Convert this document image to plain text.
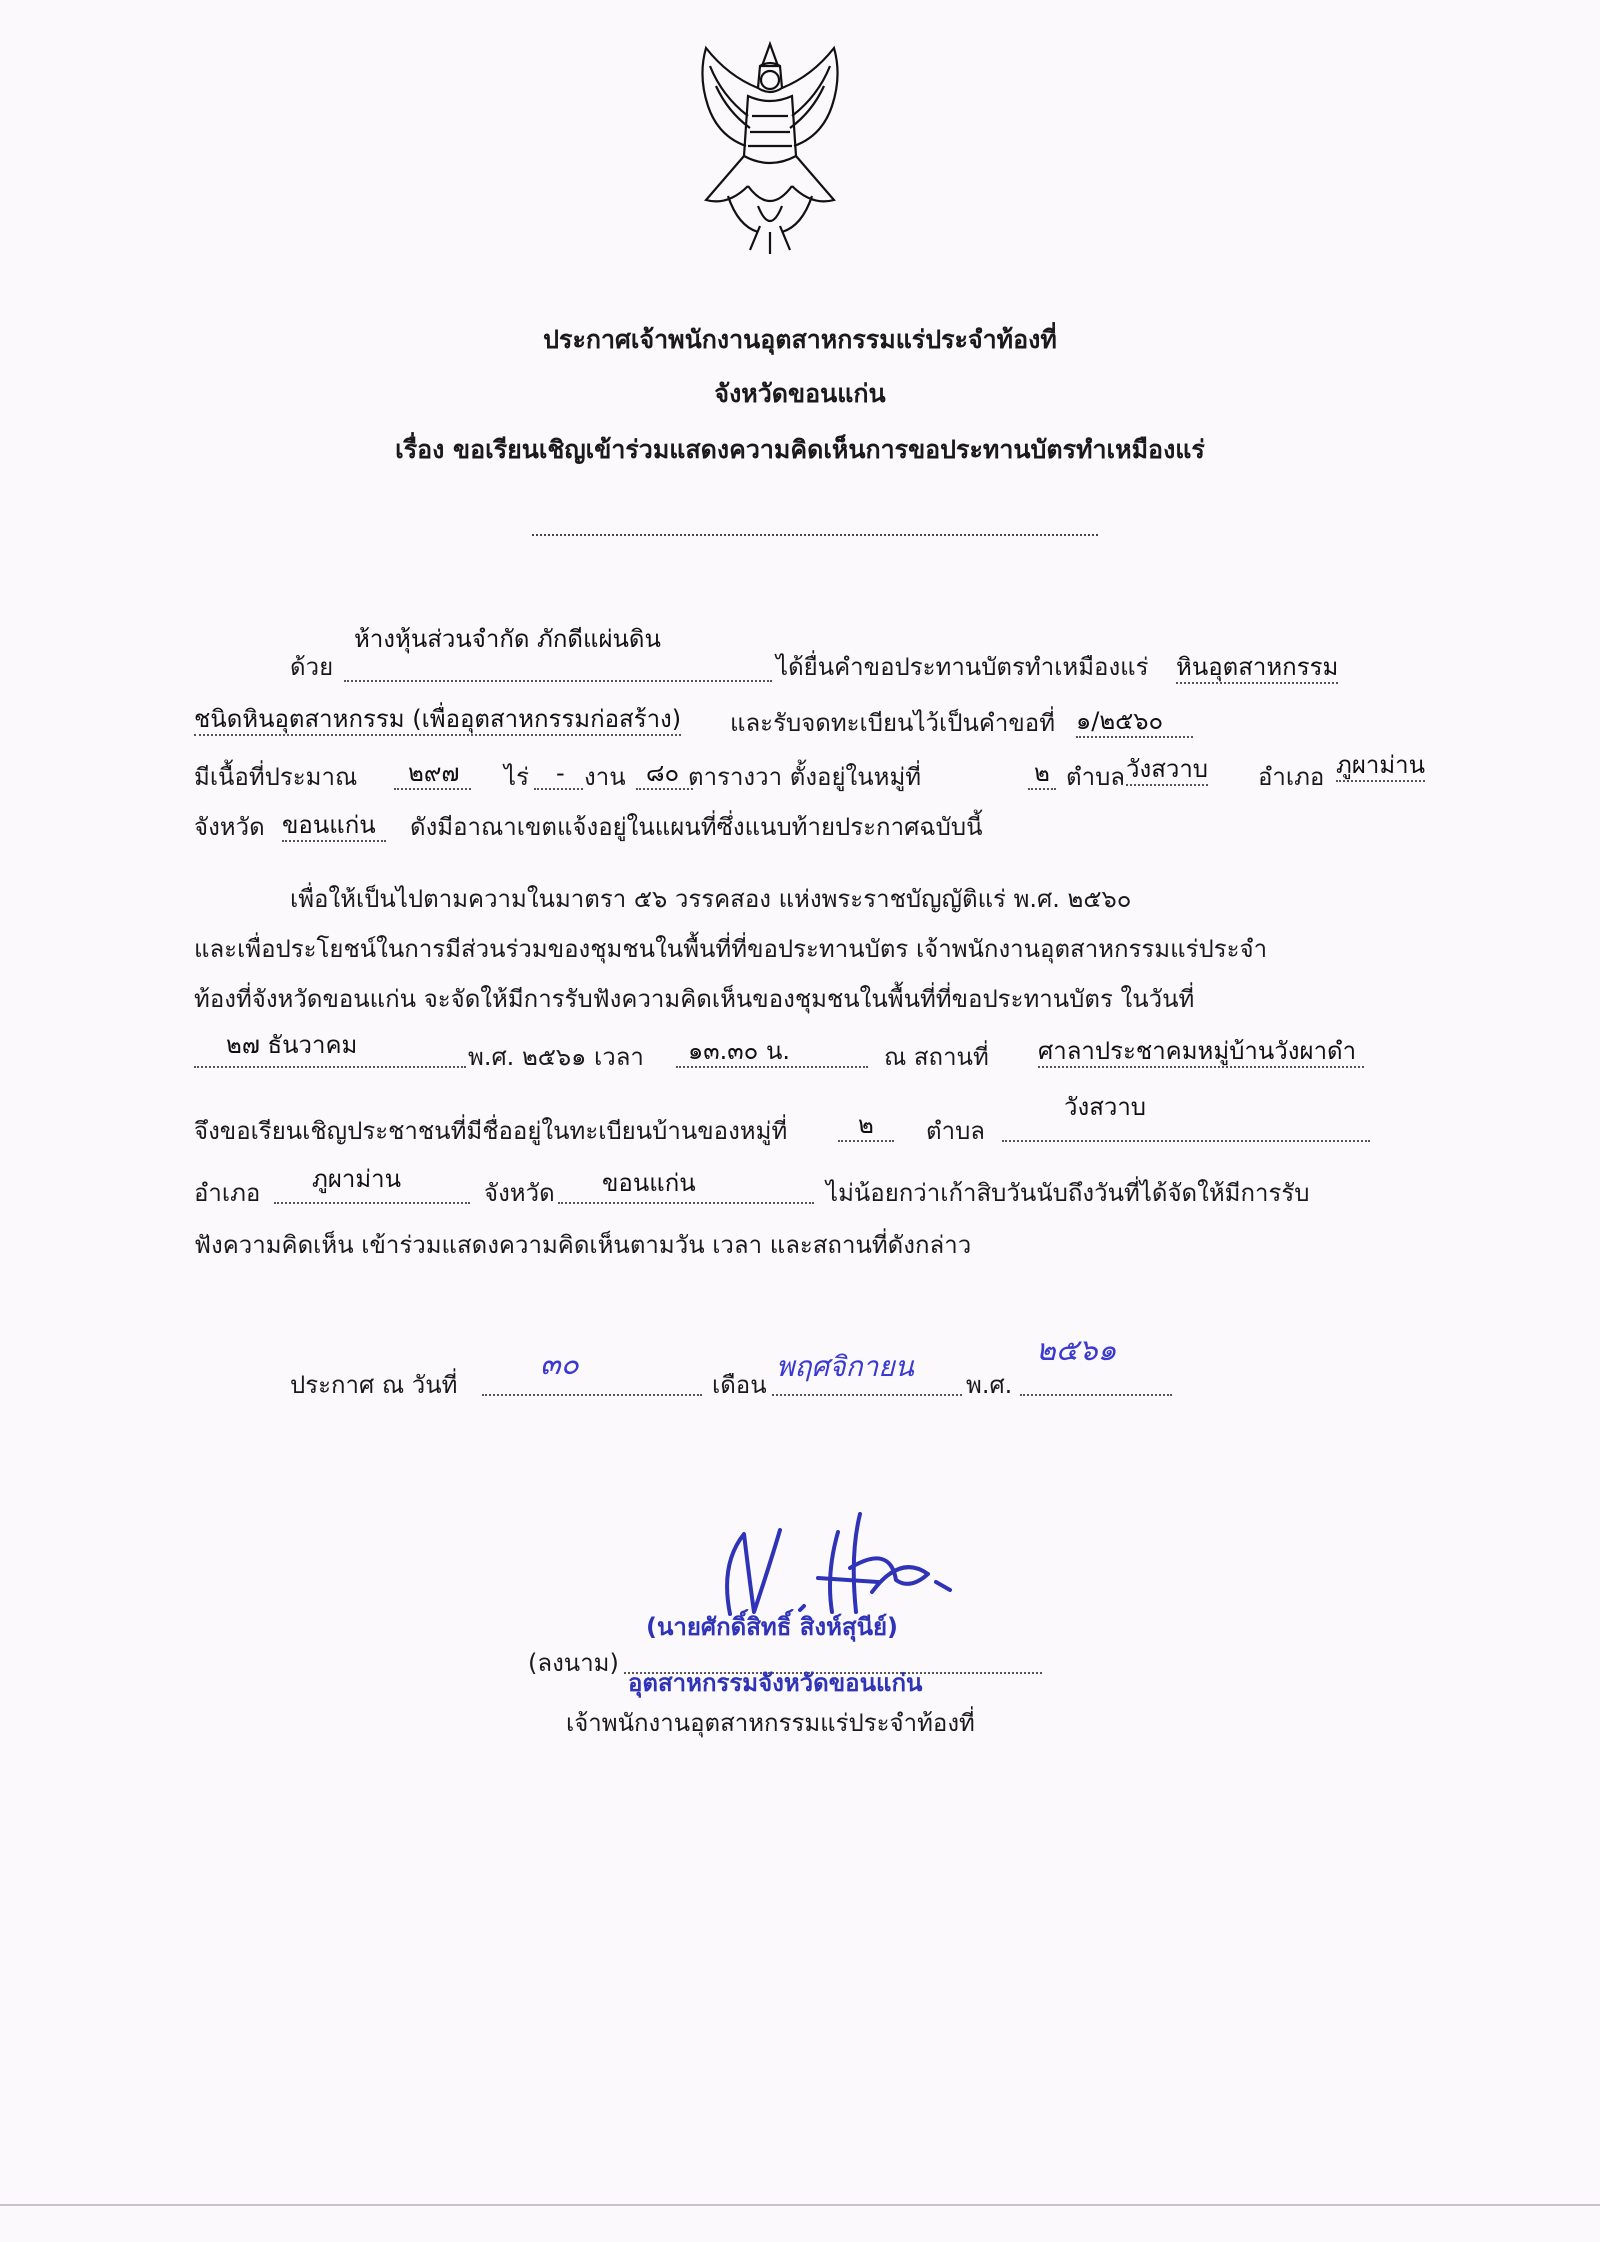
ประกาศเจ้าพนักงานอุตสาหกรรมแร่ประจำท้องที่
จังหวัดขอนแก่น
เรื่อง ขอเรียนเชิญเข้าร่วมแสดงความคิดเห็นการขอประทานบัตรทำเหมืองแร่
ด้วย
ห้างหุ้นส่วนจำกัด ภักดีแผ่นดิน
ได้ยื่นคำขอประทานบัตรทำเหมืองแร่ หินอุตสาหกรรม
ชนิดหินอุตสาหกรรม (เพื่ออุตสาหกรรมก่อสร้าง) และรับจดทะเบียนไว้เป็นคำขอที่ ๑/๒๕๖๐
มีเนื้อที่ประมาณ	๒๙๗	ไร่	- งาน ๘๐ ตารางวา ตั้งอยู่ในหมู่ที่	๒ ตำบล วังสวาบ อำเภอ ภูผาม่าน
จังหวัด ขอนแก่น	ดังมีอาณาเขตแจ้งอยู่ในแผนที่ซึ่งแนบท้ายประกาศฉบับนี้
เพื่อให้เป็นไปตามความในมาตรา ๕๖ วรรคสอง แห่งพระราชบัญญัติแร่ พ.ศ. ๒๕๖๐
และเพื่อประโยชน์ในการมีส่วนร่วมของชุมชนในพื้นที่ที่ขอประทานบัตร เจ้าพนักงานอุตสาหกรรมแร่ประจำ
ท้องที่จังหวัดขอนแก่น จะจัดให้มีการรับฟังความคิดเห็นของชุมชนในพื้นที่ที่ขอประทานบัตร ในวันที่
๒๗ ธันวาคม	พ.ศ. ๒๕๖๑ เวลา ๑๓.๓๐ น.	ณ สถานที่ ศาลาประชาคมหมู่บ้านวังผาดำ
จึงขอเรียนเชิญประชาชนที่มีชื่ออยู่ในทะเบียนบ้านของหมู่ที่	๒ ตำบล
วังสวาบ
อำเภอ ภูผาม่าน	จังหวัด ขอนแก่น	ไม่น้อยกว่าเก้าสิบวันนับถึงวันที่ได้จัดให้มีการรับ
ฟังความคิดเห็น เข้าร่วมแสดงความคิดเห็นตามวัน เวลา และสถานที่ดังกล่าว
ประกาศ ณ วันที่
๓๐
เดือน
พฤศจิกายน
พ.ศ.
๒๕๖๑
(นายศักดิ์สิทธิ์ สิงห์สุนีย์)
(ลงนาม)
อุตสาหกรรมจังหวัดขอนแก่น
เจ้าพนักงานอุตสาหกรรมแร่ประจำท้องที่
